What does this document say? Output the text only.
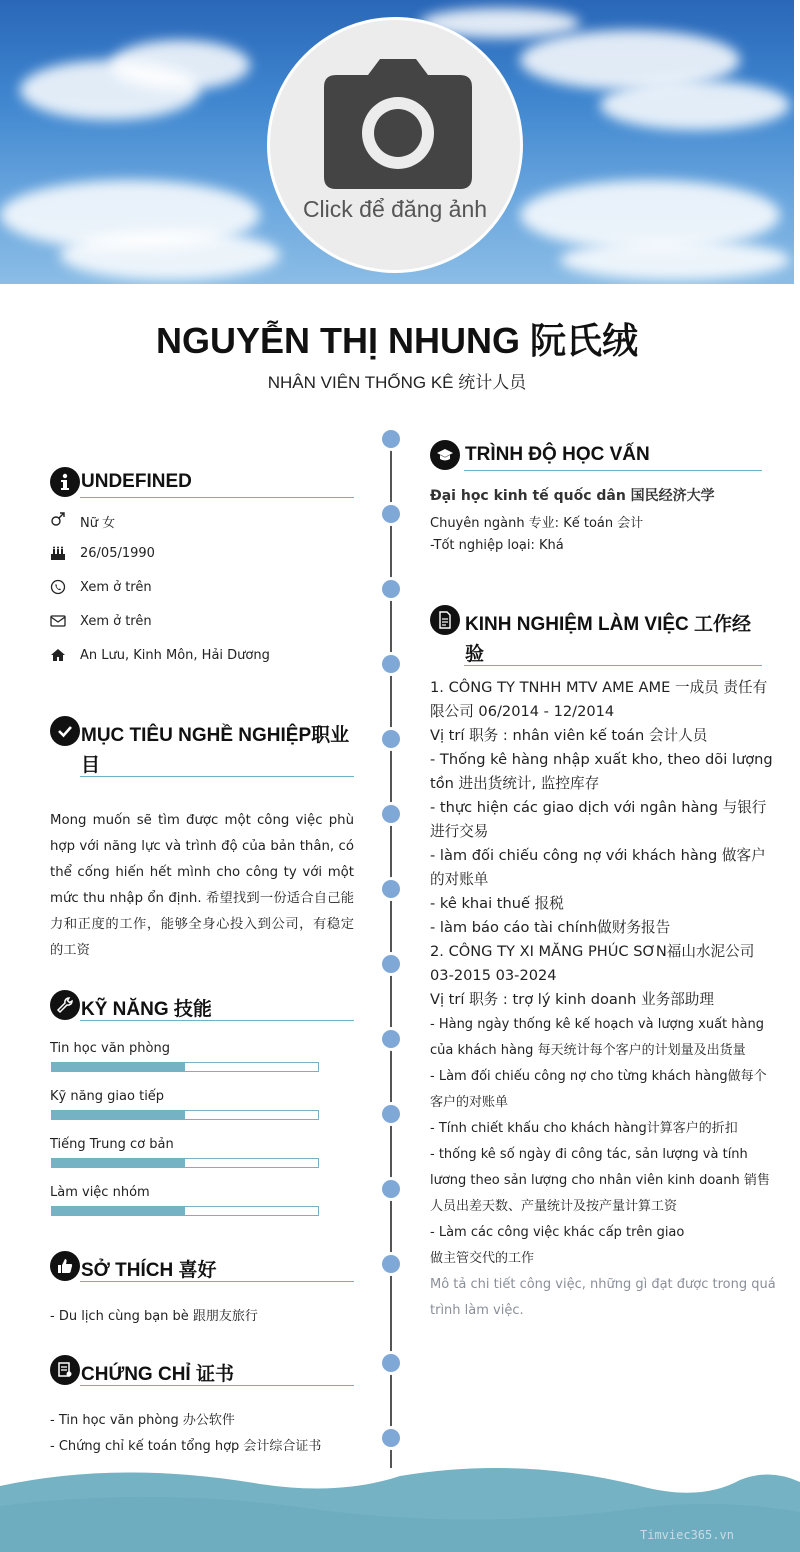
Click để đăng ảnh
NGUYỄN THỊ NHUNG 阮氏绒
NHÂN VIÊN THỐNG KÊ 统计人员
UNDEFINED
Nữ 女
26/05/1990
Xem ở trên
Xem ở trên
An Lưu, Kinh Môn, Hải Dương
MỤC TIÊU NGHỀ NGHIỆP职业
目
Mong muốn sẽ tìm được một công việc phù hợp với năng lực và trình độ của bản thân, có thể cống hiến hết mình cho công ty với một mức thu nhập ổn định. 希望找到一份适合自己能力和正度的工作，能够全身心投入到公司，有稳定的工资
KỸ NĂNG 技能
Tin học văn phòng
Kỹ năng giao tiếp
Tiếng Trung cơ bản
Làm việc nhóm
SỞ THÍCH 喜好
- Du lịch cùng bạn bè 跟朋友旅行
CHỨNG CHỈ 证书
- Tin học văn phòng 办公软件
- Chứng chỉ kế toán tổng hợp 会计综合证书
TRÌNH ĐỘ HỌC VẤN
Đại học kinh tế quốc dân 国民经济大学
Chuyên ngành 专业: Kế toán 会计
-Tốt nghiệp loại: Khá
KINH NGHIỆM LÀM VIỆC 工作经
验
1. CÔNG TY TNHH MTV AME AME 一成员 责任有限公司 06/2014 - 12/2014
Vị trí 职务 : nhân viên kế toán 会计人员
- Thống kê hàng nhập xuất kho, theo dõi lượng tồn 进出货统计, 监控库存
- thực hiện các giao dịch với ngân hàng 与银行进行交易
- làm đối chiếu công nợ với khách hàng 做客户的对账单
- kê khai thuế 报税
- làm báo cáo tài chính做财务报告
2. CÔNG TY XI MĂNG PHÚC SƠN福山水泥公司 03-2015 03-2024
Vị trí 职务 : trợ lý kinh doanh 业务部助理
- Hàng ngày thống kê kế hoạch và lượng xuất hàng của khách hàng 每天统计每个客户的计划量及出货量
- Làm đối chiếu công nợ cho từng khách hàng做每个客户的对账单
- Tính chiết khấu cho khách hàng计算客户的折扣
- thống kê số ngày đi công tác, sản lượng và tính lương theo sản lượng cho nhân viên kinh doanh 销售人员出差天数、产量统计及按产量计算工资
- Làm các công việc khác cấp trên giao
做主管交代的工作
Mô tả chi tiết công việc, những gì đạt được trong quá trình làm việc.
Timviec365.vn
